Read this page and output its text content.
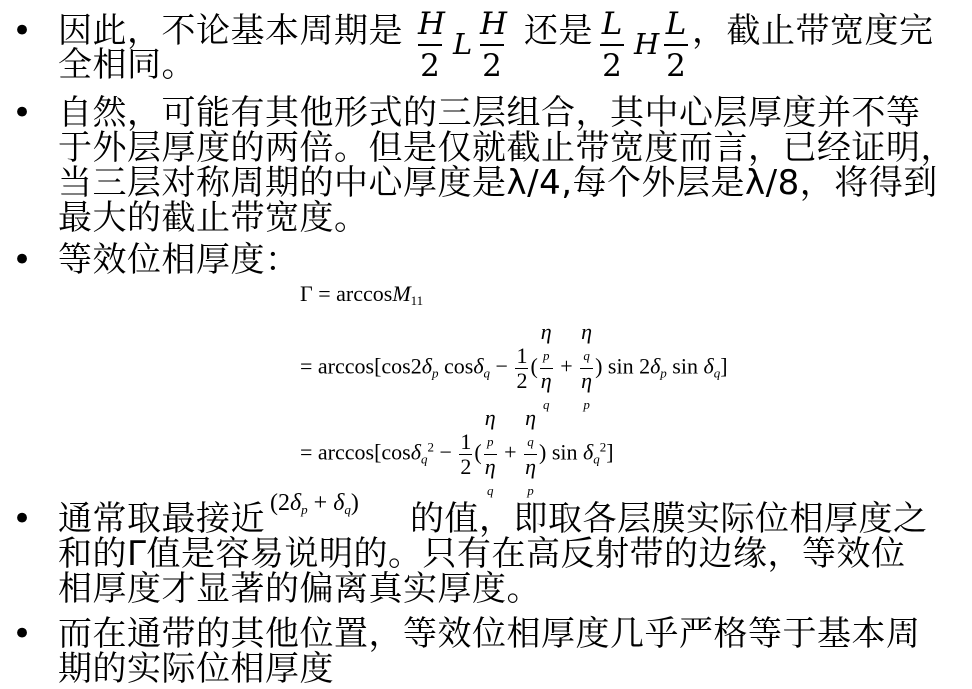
• 因此，不论基本周期是 H
2
L
H
2
还是 L
2
H
L
2
，截止带宽度完
全相同。
• 自然，可能有其他形式的三层组合，其中心层厚度并不等
于外层厚度的两倍。但是仅就截止带宽度而言，已经证明，
当三层对称周期的中心厚度是λ/4,每个外层是λ/8，将得到
最大的截止带宽度。
• 等效位相厚度：
Γ = arccosM$_{11}$
= $\arccos[\cos 2\delta_p$ $\cos\delta_q - \frac{1}{2}$ ( η
p
η
q + η
q
η
p ) $\sin 2\delta_p$ $\sin \delta_q$]
= $\arccos[\cos\delta_q^2 - \frac{1}{2}$ ( η
p
η
q + η
q
η
p ) $\sin \delta_q^2$]
• 通常取最接近 $(2\delta_p + \delta_q)$ 的值，即取各层膜实际位相厚度之
和的Γ值是容易说明的。只有在高反射带的边缘，等效位
相厚度才显著的偏离真实厚度。
• 而在通带的其他位置，等效位相厚度几乎严格等于基本周
期的实际位相厚度
